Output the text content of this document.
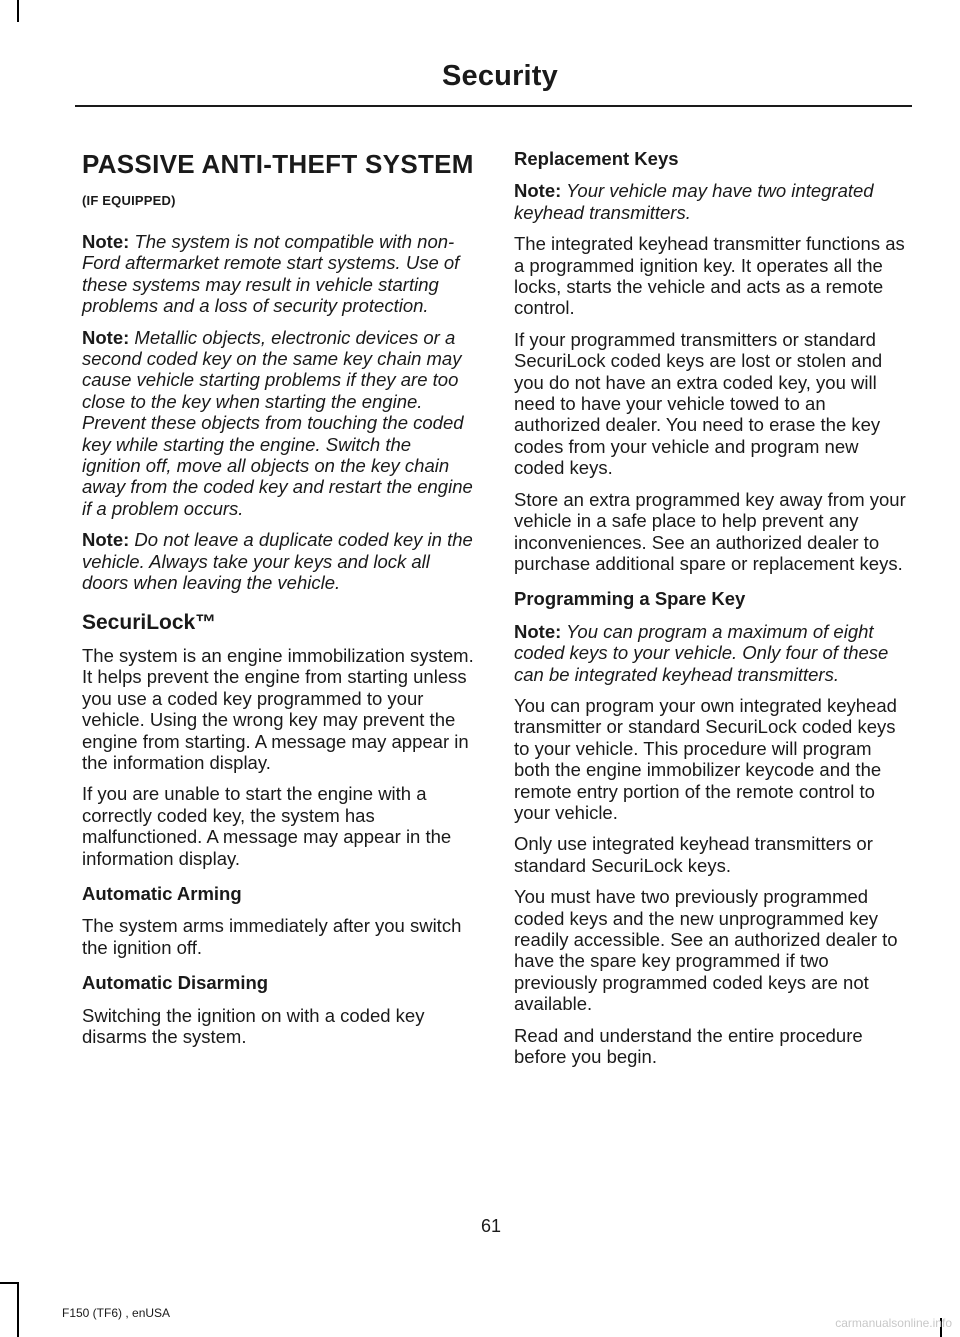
Security
PASSIVE ANTI-THEFT SYSTEM (IF EQUIPPED)

Note: The system is not compatible with non-Ford aftermarket remote start systems. Use of these systems may result in vehicle starting problems and a loss of security protection.

Note: Metallic objects, electronic devices or a second coded key on the same key chain may cause vehicle starting problems if they are too close to the key when starting the engine. Prevent these objects from touching the coded key while starting the engine. Switch the ignition off, move all objects on the key chain away from the coded key and restart the engine if a problem occurs.

Note: Do not leave a duplicate coded key in the vehicle. Always take your keys and lock all doors when leaving the vehicle.

SecuriLock™

The system is an engine immobilization system. It helps prevent the engine from starting unless you use a coded key programmed to your vehicle. Using the wrong key may prevent the engine from starting. A message may appear in the information display.

If you are unable to start the engine with a correctly coded key, the system has malfunctioned. A message may appear in the information display.

Automatic Arming

The system arms immediately after you switch the ignition off.

Automatic Disarming

Switching the ignition on with a coded key disarms the system.

Replacement Keys

Note: Your vehicle may have two integrated keyhead transmitters.

The integrated keyhead transmitter functions as a programmed ignition key. It operates all the locks, starts the vehicle and acts as a remote control.

If your programmed transmitters or standard SecuriLock coded keys are lost or stolen and you do not have an extra coded key, you will need to have your vehicle towed to an authorized dealer. You need to erase the key codes from your vehicle and program new coded keys.

Store an extra programmed key away from your vehicle in a safe place to help prevent any inconveniences. See an authorized dealer to purchase additional spare or replacement keys.

Programming a Spare Key

Note: You can program a maximum of eight coded keys to your vehicle. Only four of these can be integrated keyhead transmitters.

You can program your own integrated keyhead transmitter or standard SecuriLock coded keys to your vehicle. This procedure will program both the engine immobilizer keycode and the remote entry portion of the remote control to your vehicle.

Only use integrated keyhead transmitters or standard SecuriLock keys.

You must have two previously programmed coded keys and the new unprogrammed key readily accessible. See an authorized dealer to have the spare key programmed if two previously programmed coded keys are not available.

Read and understand the entire procedure before you begin.

61
F150 (TF6) , enUSA
carmanualsonline.info
